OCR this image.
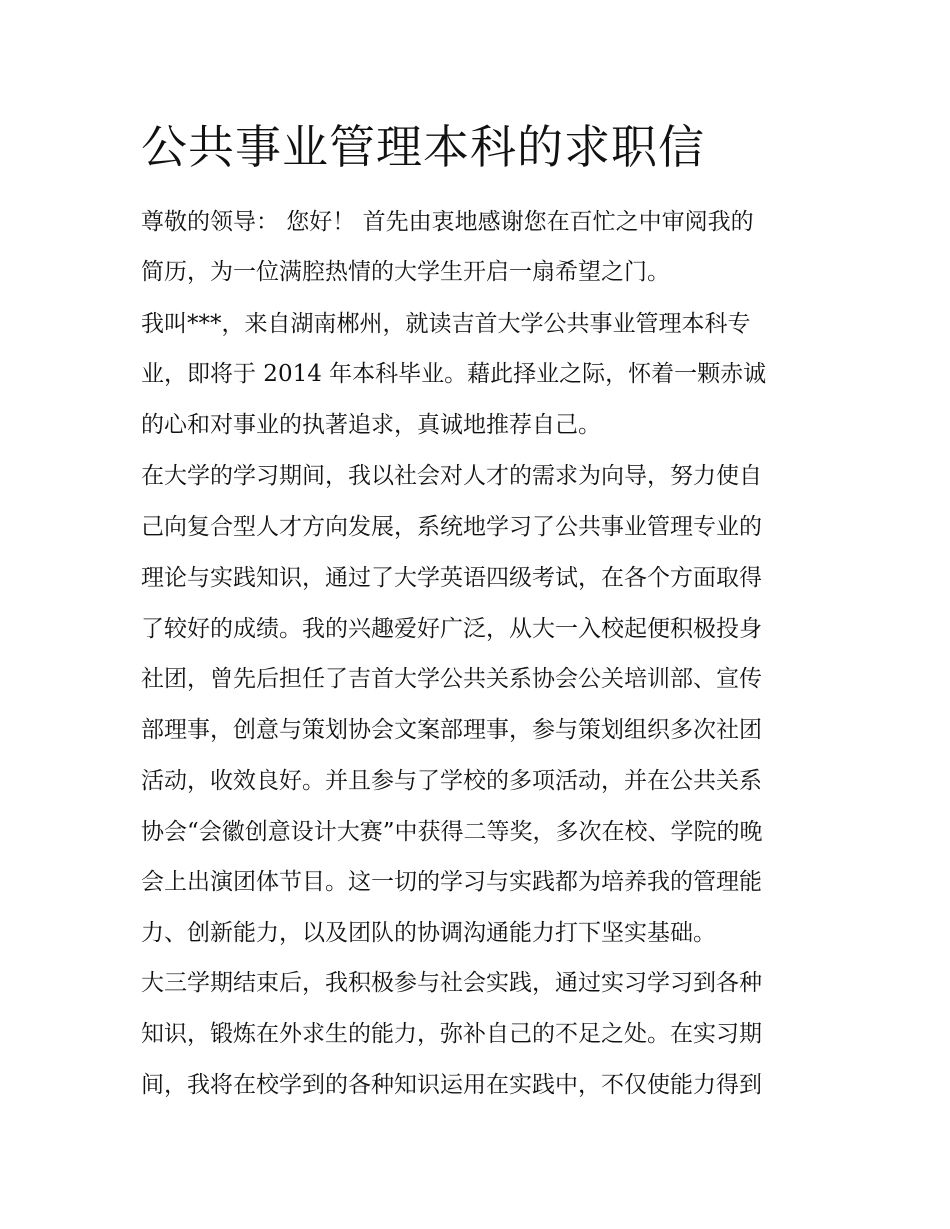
公共事业管理本科的求职信

尊敬的领导： 您好！ 首先由衷地感谢您在百忙之中审阅我的

简历，为一位满腔热情的大学生开启一扇希望之门。

我叫***，来自湖南郴州，就读吉首大学公共事业管理本科专

业，即将于 2014 年本科毕业。藉此择业之际，怀着一颗赤诚

的心和对事业的执著追求，真诚地推荐自己。

在大学的学习期间，我以社会对人才的需求为向导，努力使自

己向复合型人才方向发展，系统地学习了公共事业管理专业的

理论与实践知识，通过了大学英语四级考试，在各个方面取得

了较好的成绩。我的兴趣爱好广泛，从大一入校起便积极投身

社团，曾先后担任了吉首大学公共关系协会公关培训部、宣传

部理事，创意与策划协会文案部理事，参与策划组织多次社团

活动，收效良好。并且参与了学校的多项活动，并在公共关系

协会“会徽创意设计大赛”中获得二等奖，多次在校、学院的晚

会上出演团体节目。这一切的学习与实践都为培养我的管理能

力、创新能力，以及团队的协调沟通能力打下坚实基础。

大三学期结束后，我积极参与社会实践，通过实习学习到各种

知识，锻炼在外求生的能力，弥补自己的不足之处。在实习期

间，我将在校学到的各种知识运用在实践中，不仅使能力得到
